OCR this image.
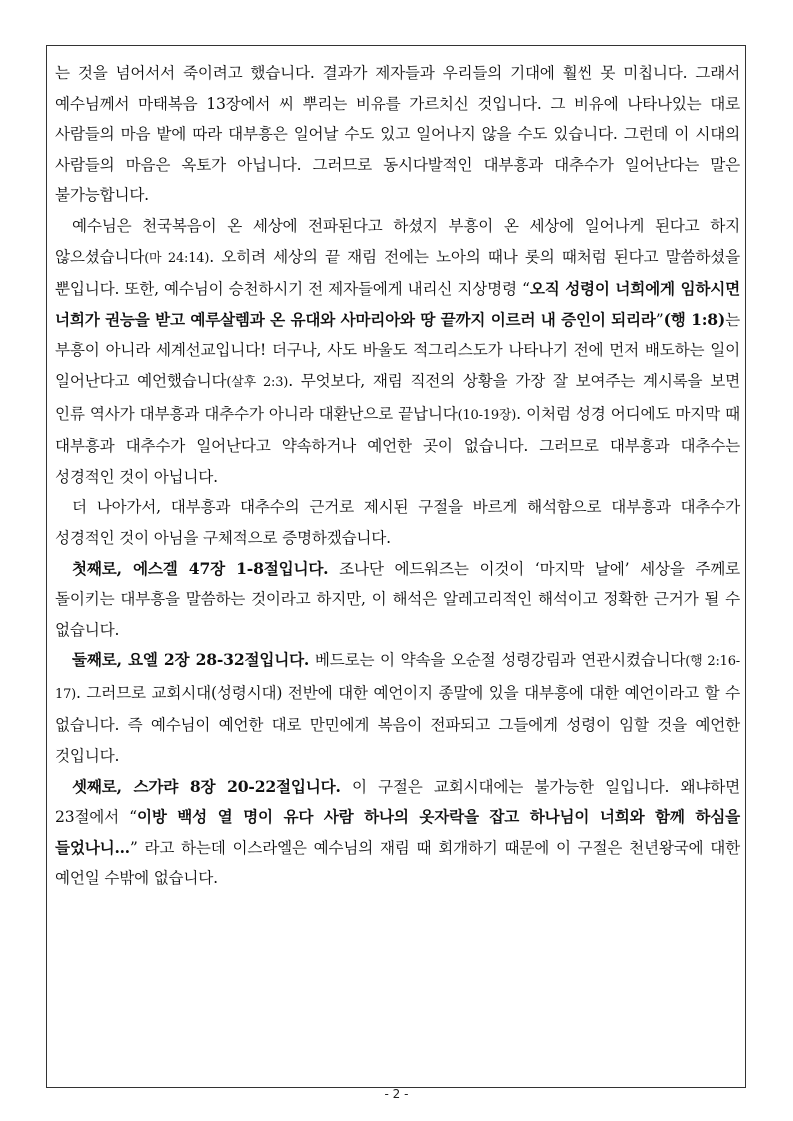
는 것을 넘어서서 죽이려고 했습니다. 결과가 제자들과 우리들의 기대에 훨씬 못 미칩니다. 그래서 예수님께서 마태복음 13장에서 씨 뿌리는 비유를 가르치신 것입니다. 그 비유에 나타나있는 대로 사람들의 마음 밭에 따라 대부흥은 일어날 수도 있고 일어나지 않을 수도 있습니다. 그런데 이 시대의 사람들의 마음은 옥토가 아닙니다. 그러므로 동시다발적인 대부흥과 대추수가 일어난다는 말은 불가능합니다.

예수님은 천국복음이 온 세상에 전파된다고 하셨지 부흥이 온 세상에 일어나게 된다고 하지 않으셨습니다(마 24:14). 오히려 세상의 끝 재림 전에는 노아의 때나 롯의 때처럼 된다고 말씀하셨을 뿐입니다. 또한, 예수님이 승천하시기 전 제자들에게 내리신 지상명령 “오직 성령이 너희에게 임하시면 너희가 권능을 받고 예루살렘과 온 유대와 사마리아와 땅 끝까지 이르러 내 증인이 되리라”(행 1:8)는 부흥이 아니라 세계선교입니다! 더구나, 사도 바울도 적그리스도가 나타나기 전에 먼저 배도하는 일이 일어난다고 예언했습니다(살후 2:3). 무엇보다, 재림 직전의 상황을 가장 잘 보여주는 계시록을 보면 인류 역사가 대부흥과 대추수가 아니라 대환난으로 끝납니다(10-19장). 이처럼 성경 어디에도 마지막 때 대부흥과 대추수가 일어난다고 약속하거나 예언한 곳이 없습니다. 그러므로 대부흥과 대추수는 성경적인 것이 아닙니다.

더 나아가서, 대부흥과 대추수의 근거로 제시된 구절을 바르게 해석함으로 대부흥과 대추수가 성경적인 것이 아님을 구체적으로 증명하겠습니다.

첫째로, 에스겔 47장 1-8절입니다. 조나단 에드워즈는 이것이 ‘마지막 날에’ 세상을 주께로 돌이키는 대부흥을 말씀하는 것이라고 하지만, 이 해석은 알레고리적인 해석이고 정확한 근거가 될 수 없습니다.

둘째로, 요엘 2장 28-32절입니다. 베드로는 이 약속을 오순절 성령강림과 연관시켰습니다(행 2:16-17). 그러므로 교회시대(성령시대) 전반에 대한 예언이지 종말에 있을 대부흥에 대한 예언이라고 할 수 없습니다. 즉 예수님이 예언한 대로 만민에게 복음이 전파되고 그들에게 성령이 임할 것을 예언한 것입니다.

셋째로, 스가랴 8장 20-22절입니다. 이 구절은 교회시대에는 불가능한 일입니다. 왜냐하면 23절에서 “이방 백성 열 명이 유다 사람 하나의 옷자락을 잡고 하나님이 너희와 함께 하심을 들었나니…” 라고 하는데 이스라엘은 예수님의 재림 때 회개하기 때문에 이 구절은 천년왕국에 대한 예언일 수밖에 없습니다.

- 2 -
